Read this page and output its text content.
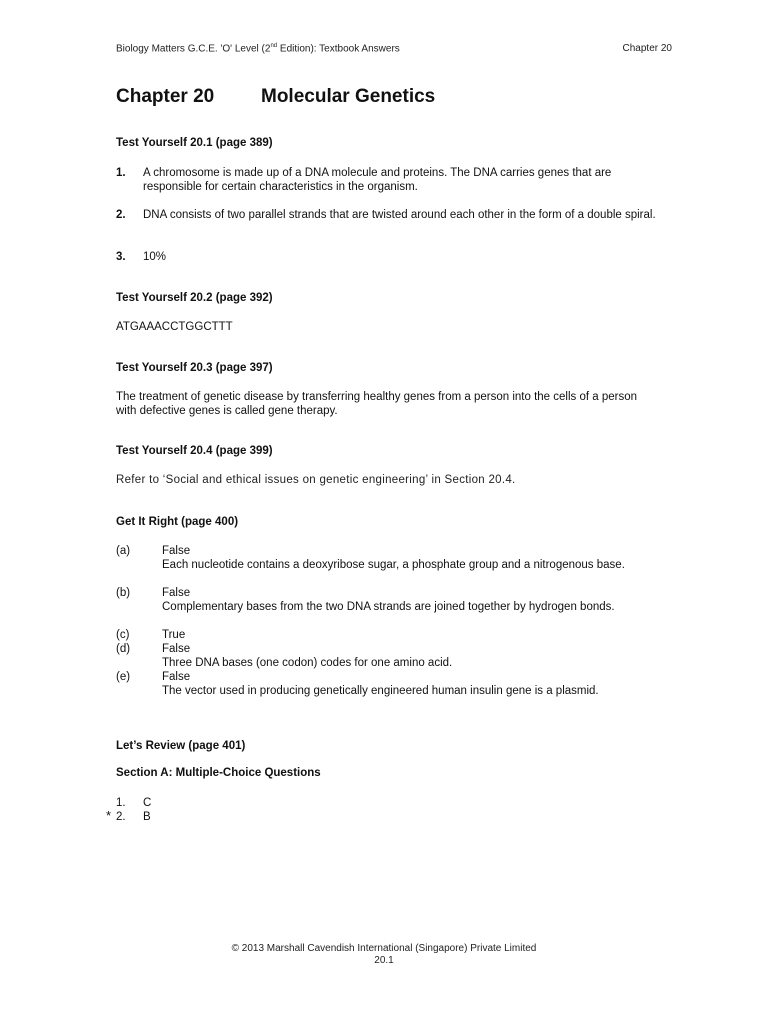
Biology Matters G.C.E. 'O' Level (2nd Edition): Textbook Answers	Chapter 20
Chapter 20 Molecular Genetics
Test Yourself 20.1 (page 389)
1. A chromosome is made up of a DNA molecule and proteins. The DNA carries genes that are responsible for certain characteristics in the organism.
2. DNA consists of two parallel strands that are twisted around each other in the form of a double spiral.
3. 10%
Test Yourself 20.2 (page 392)
ATGAAACCTGGCTTT
Test Yourself 20.3 (page 397)
The treatment of genetic disease by transferring healthy genes from a person into the cells of a person with defective genes is called gene therapy.
Test Yourself 20.4 (page 399)
Refer to ‘Social and ethical issues on genetic engineering’ in Section 20.4.
Get It Right (page 400)
(a)	False
Each nucleotide contains a deoxyribose sugar, a phosphate group and a nitrogenous base.
(b)	False
Complementary bases from the two DNA strands are joined together by hydrogen bonds.
(c)	True
(d)	False
Three DNA bases (one codon) codes for one amino acid.
(e)	False
The vector used in producing genetically engineered human insulin gene is a plasmid.
Let’s Review (page 401)
Section A: Multiple-Choice Questions
1. C
2. B
*
© 2013 Marshall Cavendish International (Singapore) Private Limited
20.1
